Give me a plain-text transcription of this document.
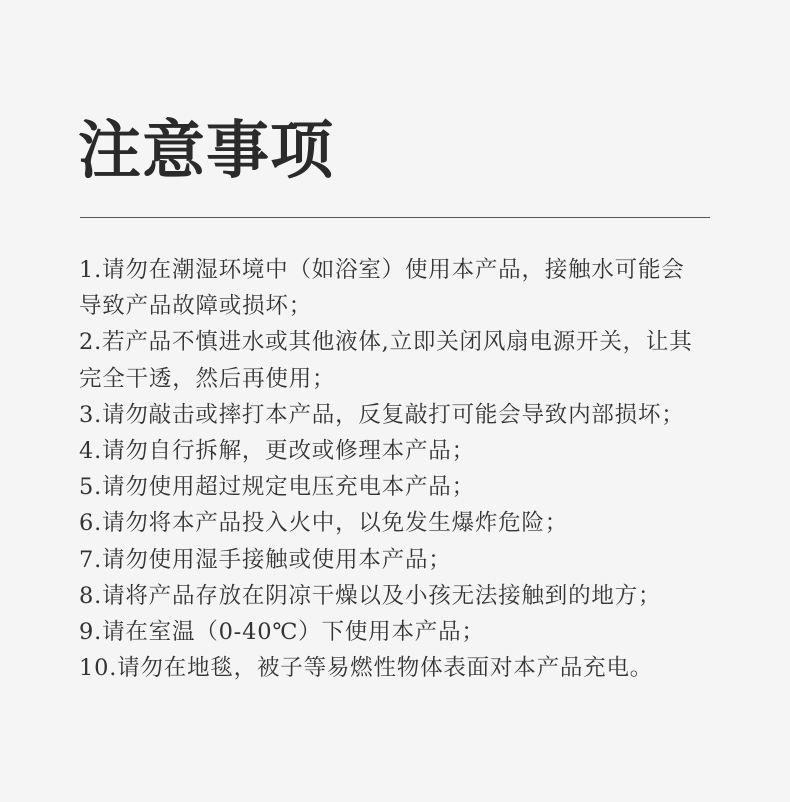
注意事项
1.请勿在潮湿环境中（如浴室）使用本产品，接触水可能会
导致产品故障或损坏；
2.若产品不慎进水或其他液体,立即关闭风扇电源开关，让其
完全干透，然后再使用；
3.请勿敲击或摔打本产品，反复敲打可能会导致内部损坏；
4.请勿自行拆解，更改或修理本产品；
5.请勿使用超过规定电压充电本产品；
6.请勿将本产品投入火中，以免发生爆炸危险；
7.请勿使用湿手接触或使用本产品；
8.请将产品存放在阴凉干燥以及小孩无法接触到的地方；
9.请在室温（0-40℃）下使用本产品；
10.请勿在地毯，被子等易燃性物体表面对本产品充电。
